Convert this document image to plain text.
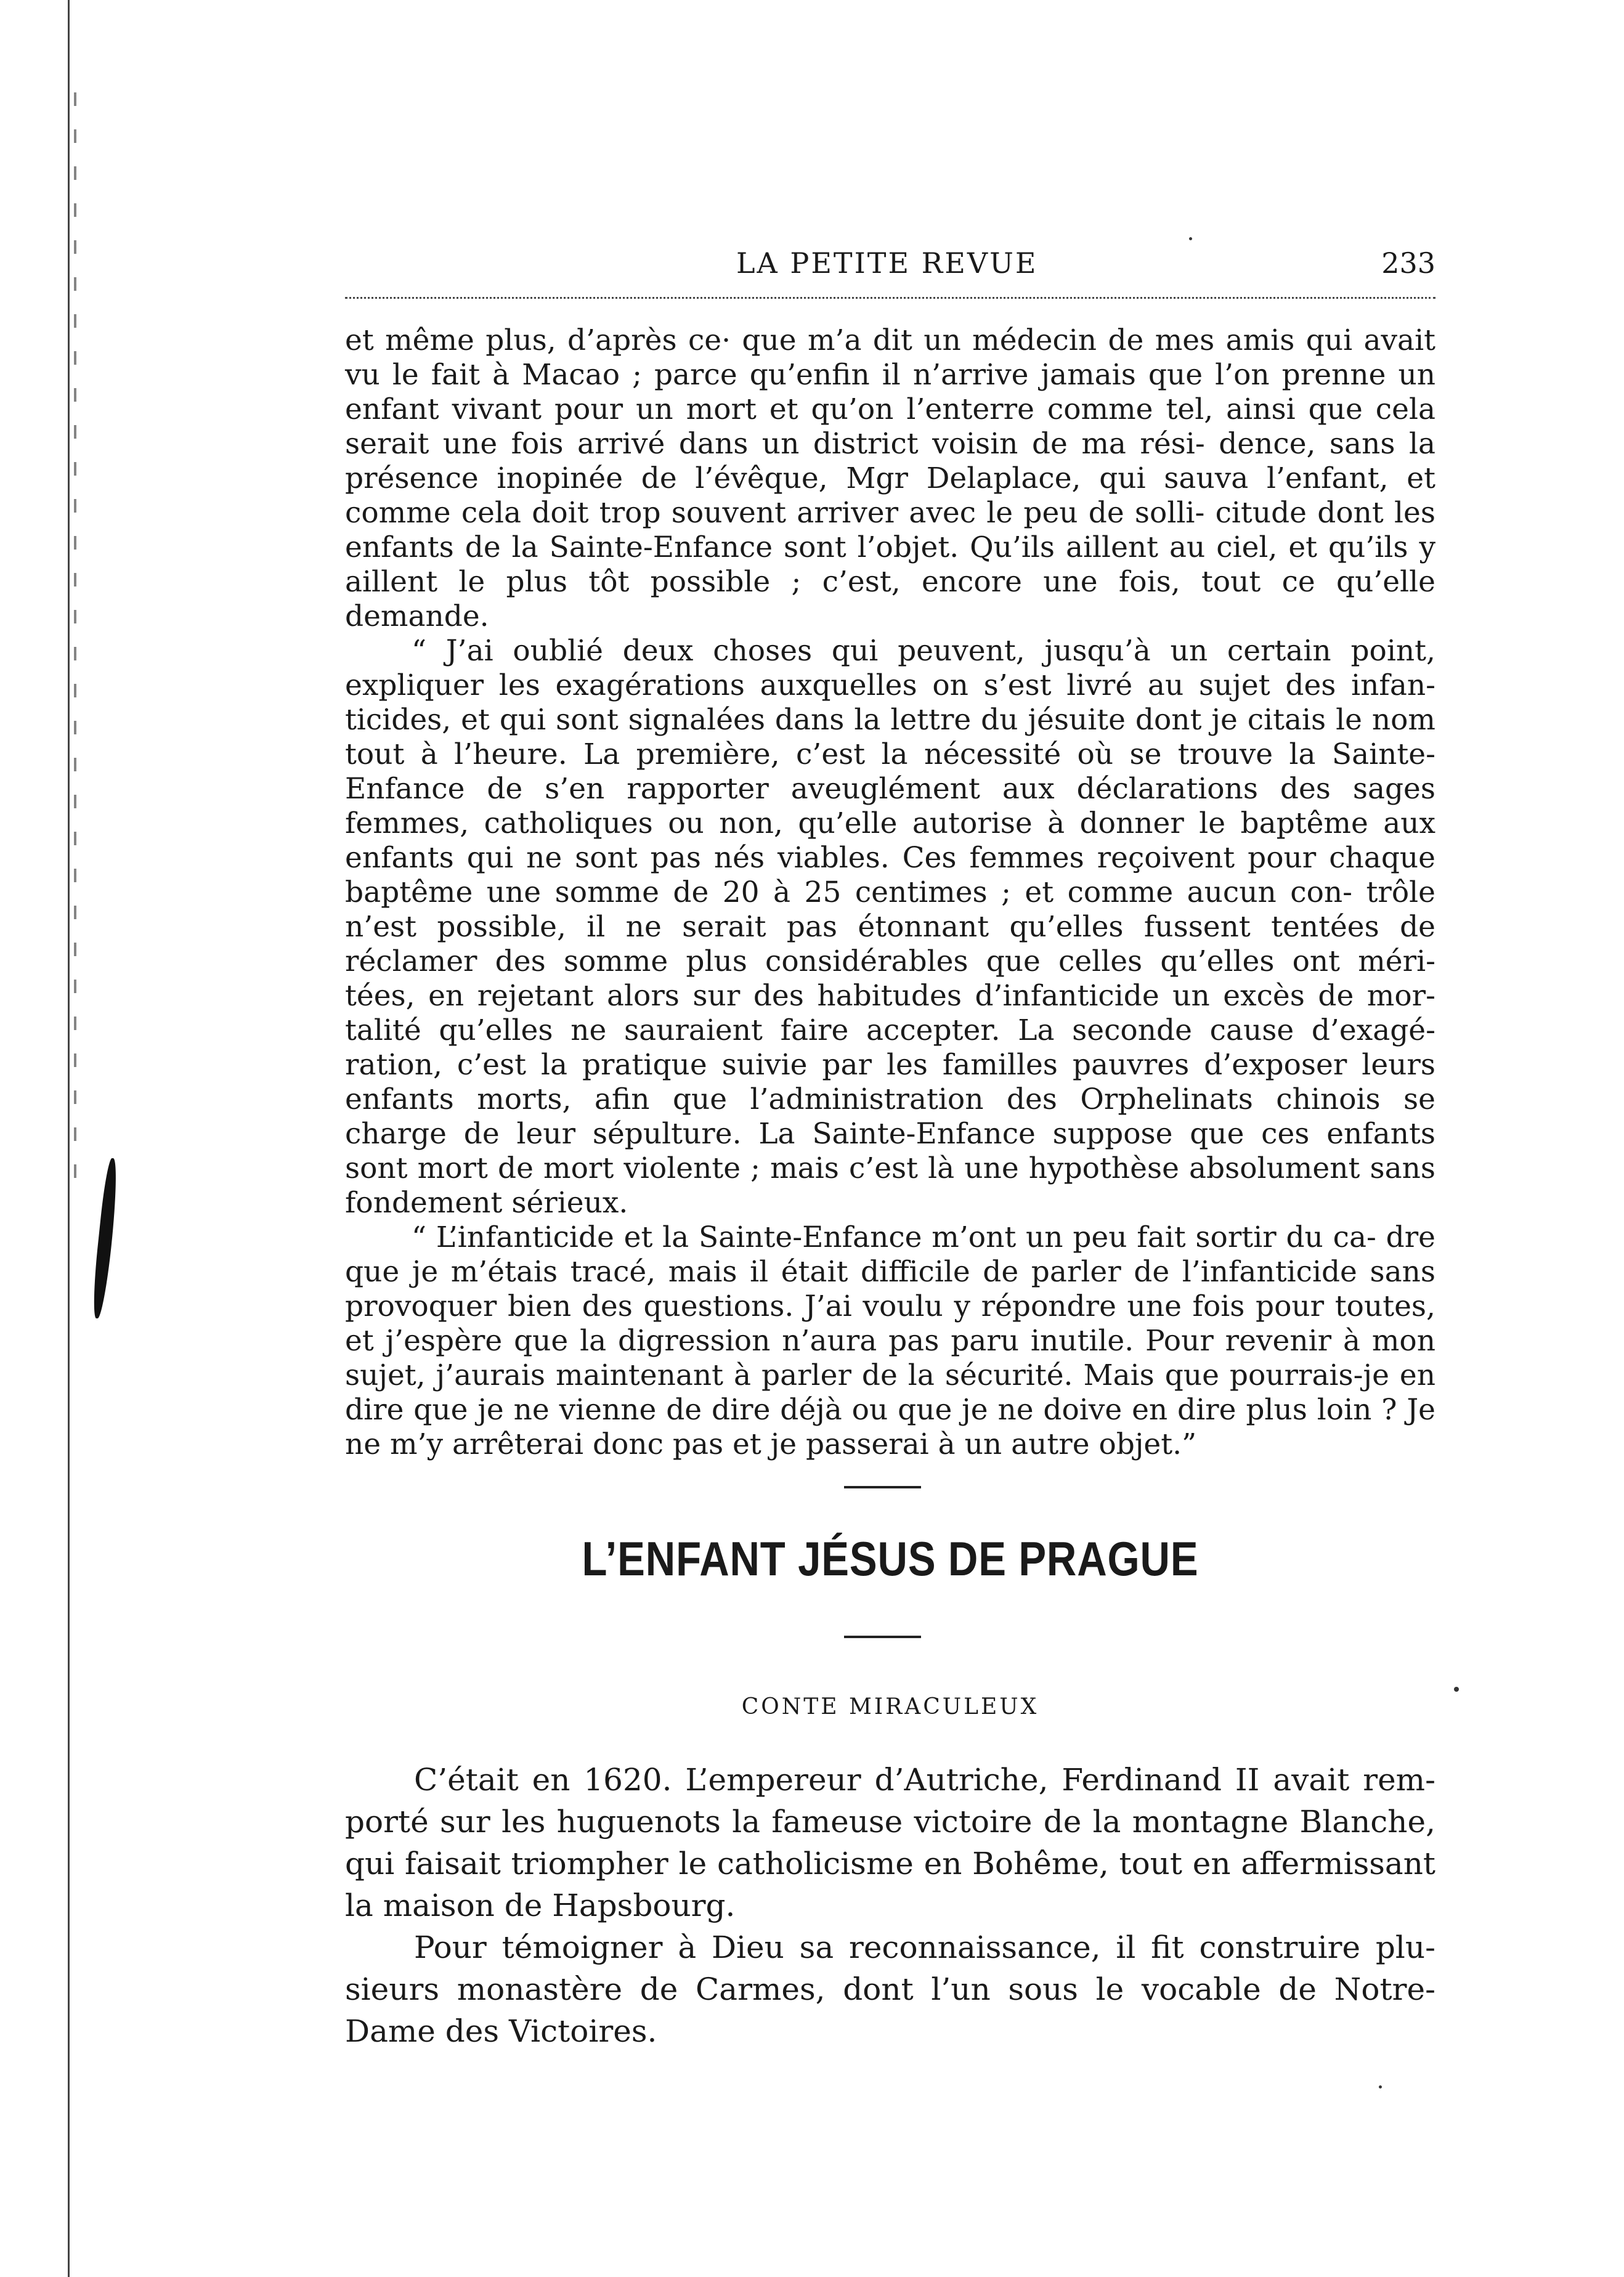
LA PETITE REVUE	233

et même plus, d’après ce· que m’a dit un médecin de mes amis qui avait vu le fait à Macao ; parce qu’enfin il n’arrive jamais que l’on prenne un enfant vivant pour un mort et qu’on l’enterre comme tel, ainsi que cela serait une fois arrivé dans un district voisin de ma rési- dence, sans la présence inopinée de l’évêque, Mgr Delaplace, qui sauva l’enfant, et comme cela doit trop souvent arriver avec le peu de solli- citude dont les enfants de la Sainte-Enfance sont l’objet. Qu’ils aillent au ciel, et qu’ils y aillent le plus tôt possible ; c’est, encore une fois, tout ce qu’elle demande.

“ J’ai oublié deux choses qui peuvent, jusqu’à un certain point, expliquer les exagérations auxquelles on s’est livré au sujet des infan- ticides, et qui sont signalées dans la lettre du jésuite dont je citais le nom tout à l’heure. La première, c’est la nécessité où se trouve la Sainte-Enfance de s’en rapporter aveuglément aux déclarations des sages femmes, catholiques ou non, qu’elle autorise à donner le baptême aux enfants qui ne sont pas nés viables. Ces femmes reçoivent pour chaque baptême une somme de 20 à 25 centimes ; et comme aucun con- trôle n’est possible, il ne serait pas étonnant qu’elles fussent tentées de réclamer des somme plus considérables que celles qu’elles ont méri- tées, en rejetant alors sur des habitudes d’infanticide un excès de mor- talité qu’elles ne sauraient faire accepter. La seconde cause d’exagé- ration, c’est la pratique suivie par les familles pauvres d’exposer leurs enfants morts, afin que l’administration des Orphelinats chinois se charge de leur sépulture. La Sainte-Enfance suppose que ces enfants sont mort de mort violente ; mais c’est là une hypothèse absolument sans fondement sérieux.

“ L’infanticide et la Sainte-Enfance m’ont un peu fait sortir du ca- dre que je m’étais tracé, mais il était difficile de parler de l’infanticide sans provoquer bien des questions. J’ai voulu y répondre une fois pour toutes, et j’espère que la digression n’aura pas paru inutile. Pour revenir à mon sujet, j’aurais maintenant à parler de la sécurité. Mais que pourrais-je en dire que je ne vienne de dire déjà ou que je ne doive en dire plus loin ? Je ne m’y arrêterai donc pas et je passerai à un autre objet.”

L’ENFANT JÉSUS DE PRAGUE
CONTE MIRACULEUX

C’était en 1620. L’empereur d’Autriche, Ferdinand II avait rem- porté sur les huguenots la fameuse victoire de la montagne Blanche, qui faisait triompher le catholicisme en Bohême, tout en affermissant la maison de Hapsbourg.

Pour témoigner à Dieu sa reconnaissance, il fit construire plu- sieurs monastère de Carmes, dont l’un sous le vocable de Notre-Dame des Victoires.
